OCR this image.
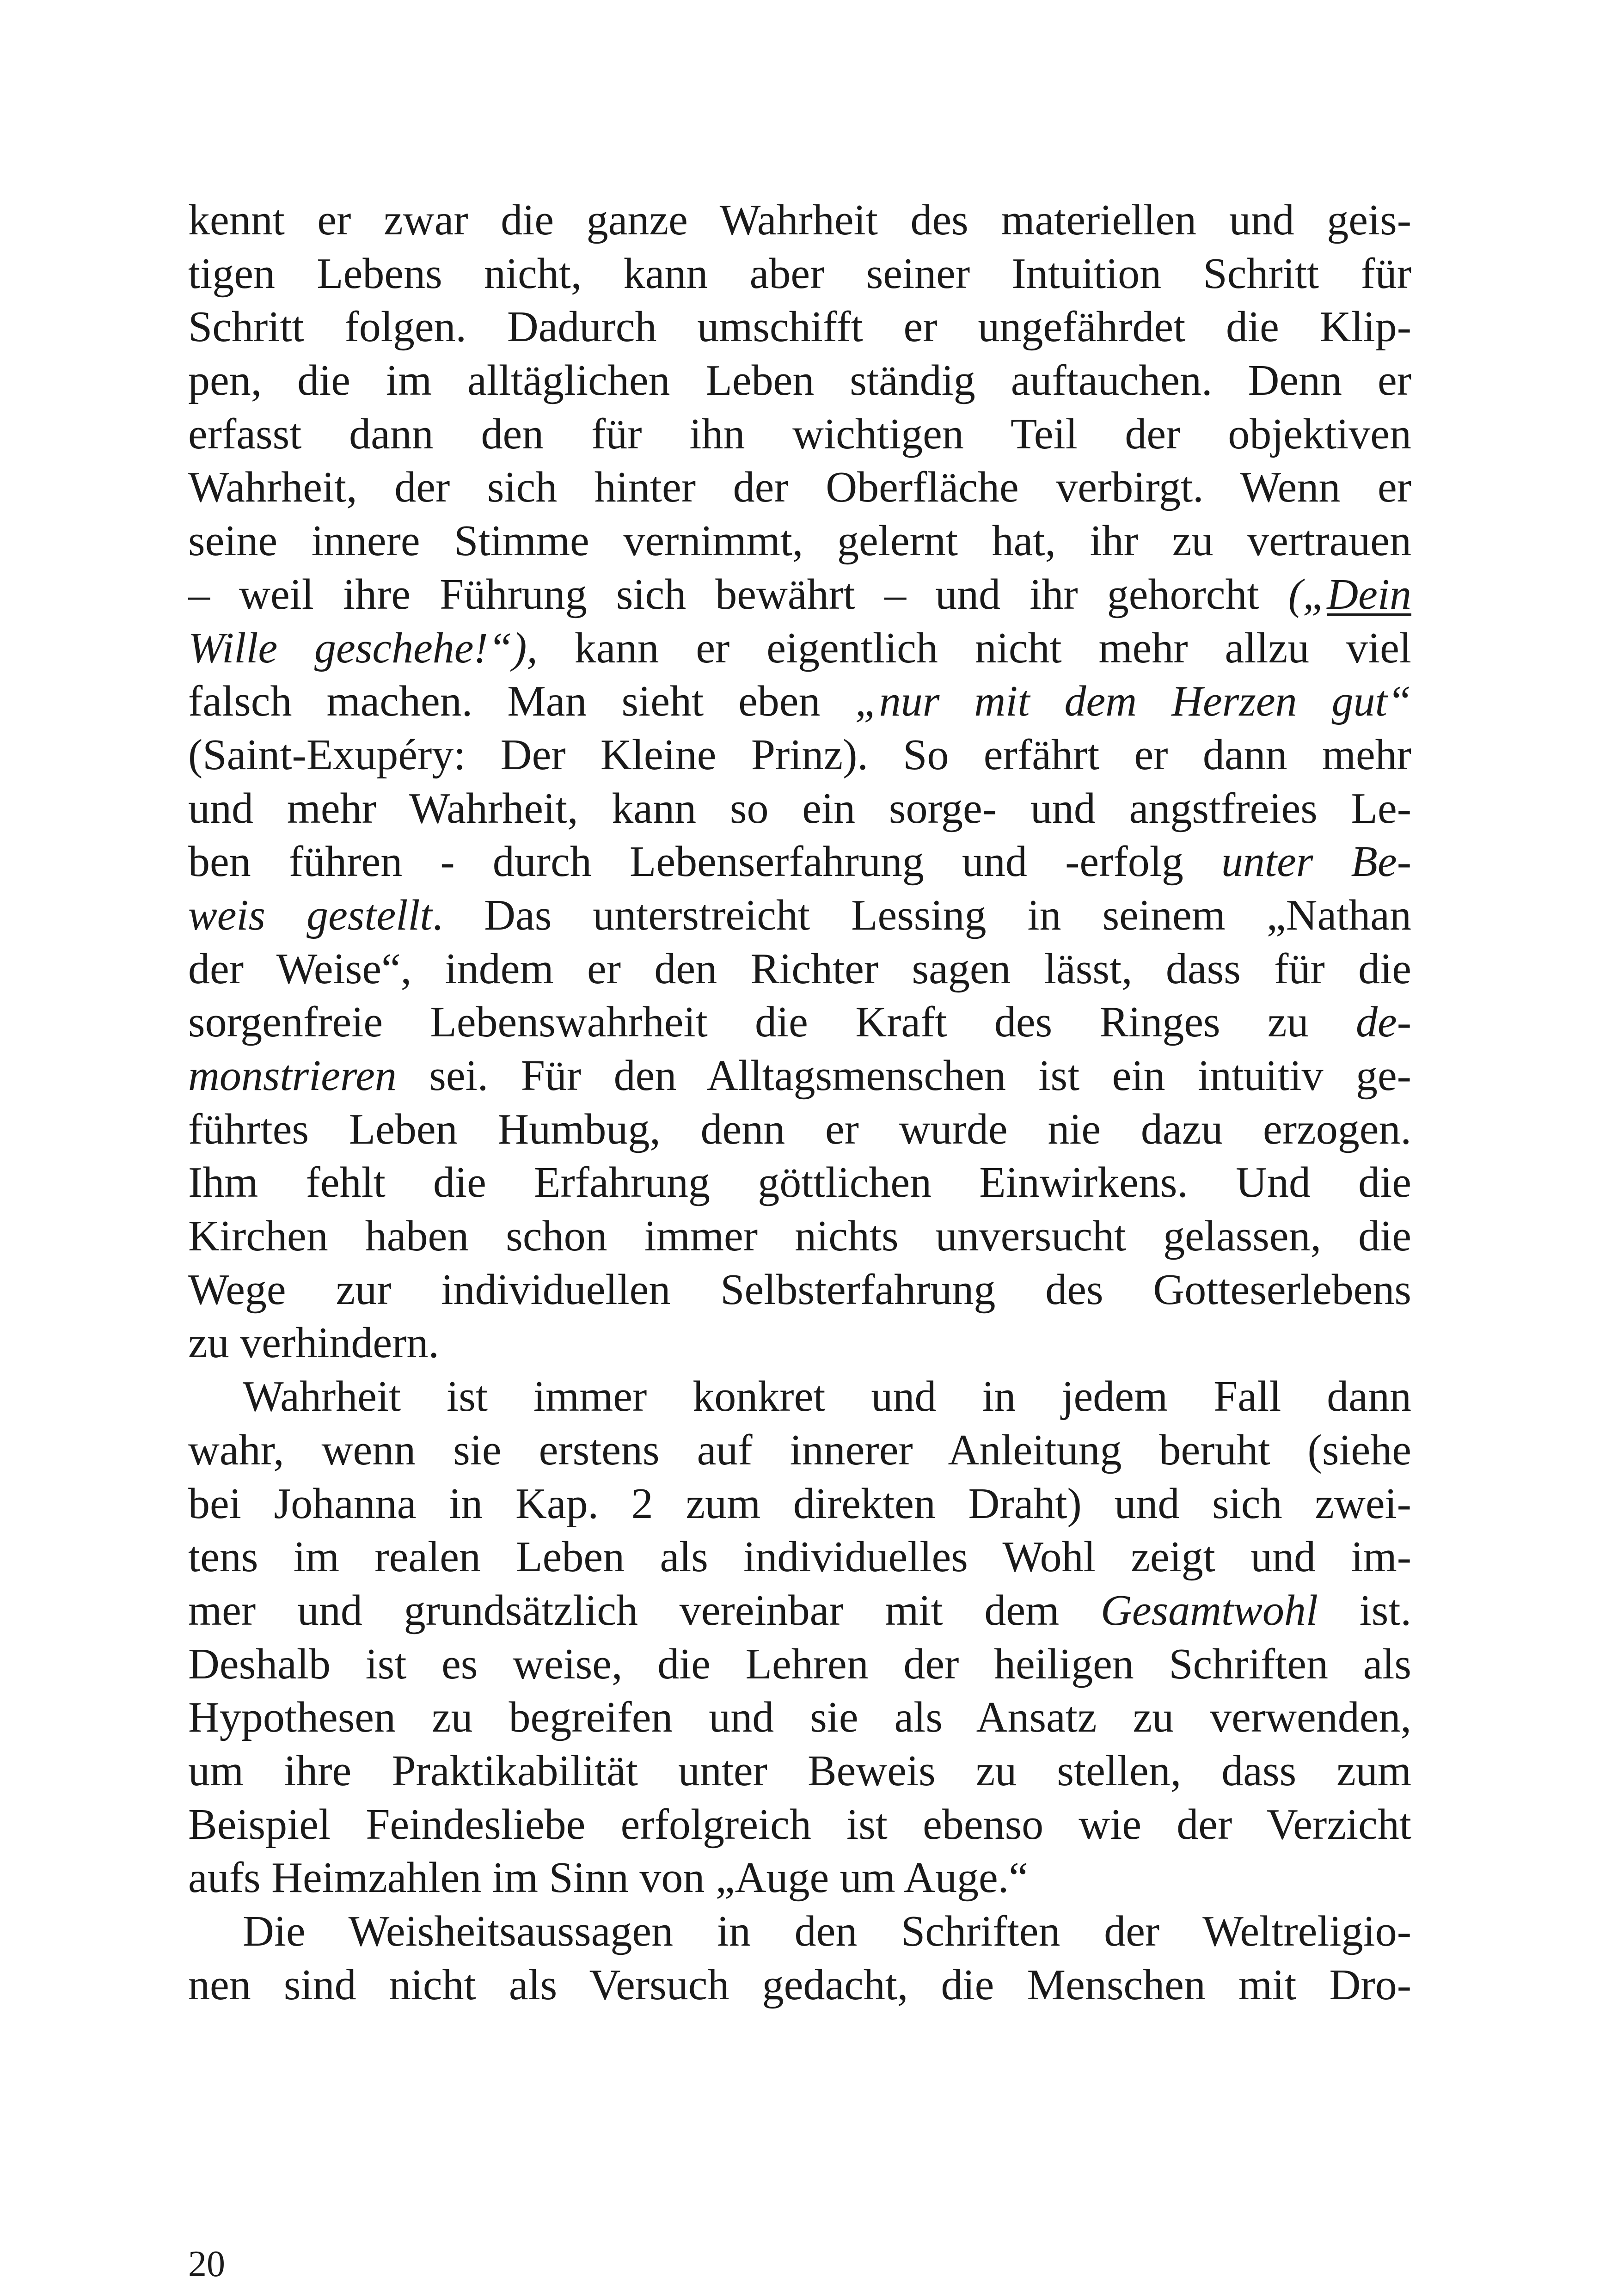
kennt er zwar die ganze Wahrheit des materiellen und geis-
tigen Lebens nicht, kann aber seiner Intuition Schritt für
Schritt folgen. Dadurch umschifft er ungefährdet die Klip-
pen, die im alltäglichen Leben ständig auftauchen. Denn er
erfasst dann den für ihn wichtigen Teil der objektiven
Wahrheit, der sich hinter der Oberfläche verbirgt. Wenn er
seine innere Stimme vernimmt, gelernt hat, ihr zu vertrauen
– weil ihre Führung sich bewährt – und ihr gehorcht („Dein
Wille geschehe!“), kann er eigentlich nicht mehr allzu viel
falsch machen. Man sieht eben „nur mit dem Herzen gut“
(Saint-Exupéry: Der Kleine Prinz). So erfährt er dann mehr
und mehr Wahrheit, kann so ein sorge- und angstfreies Le-
ben führen - durch Lebenserfahrung und -erfolg unter Be-
weis gestellt. Das unterstreicht Lessing in seinem „Nathan
der Weise“, indem er den Richter sagen lässt, dass für die
sorgenfreie Lebenswahrheit die Kraft des Ringes zu de-
monstrieren sei. Für den Alltagsmenschen ist ein intuitiv ge-
führtes Leben Humbug, denn er wurde nie dazu erzogen.
Ihm fehlt die Erfahrung göttlichen Einwirkens. Und die
Kirchen haben schon immer nichts unversucht gelassen, die
Wege zur individuellen Selbsterfahrung des Gotteserlebens
zu verhindern.
Wahrheit ist immer konkret und in jedem Fall dann
wahr, wenn sie erstens auf innerer Anleitung beruht (siehe
bei Johanna in Kap. 2 zum direkten Draht) und sich zwei-
tens im realen Leben als individuelles Wohl zeigt und im-
mer und grundsätzlich vereinbar mit dem Gesamtwohl ist.
Deshalb ist es weise, die Lehren der heiligen Schriften als
Hypothesen zu begreifen und sie als Ansatz zu verwenden,
um ihre Praktikabilität unter Beweis zu stellen, dass zum
Beispiel Feindesliebe erfolgreich ist ebenso wie der Verzicht
aufs Heimzahlen im Sinn von „Auge um Auge.“
Die Weisheitsaussagen in den Schriften der Weltreligio-
nen sind nicht als Versuch gedacht, die Menschen mit Dro-
20
